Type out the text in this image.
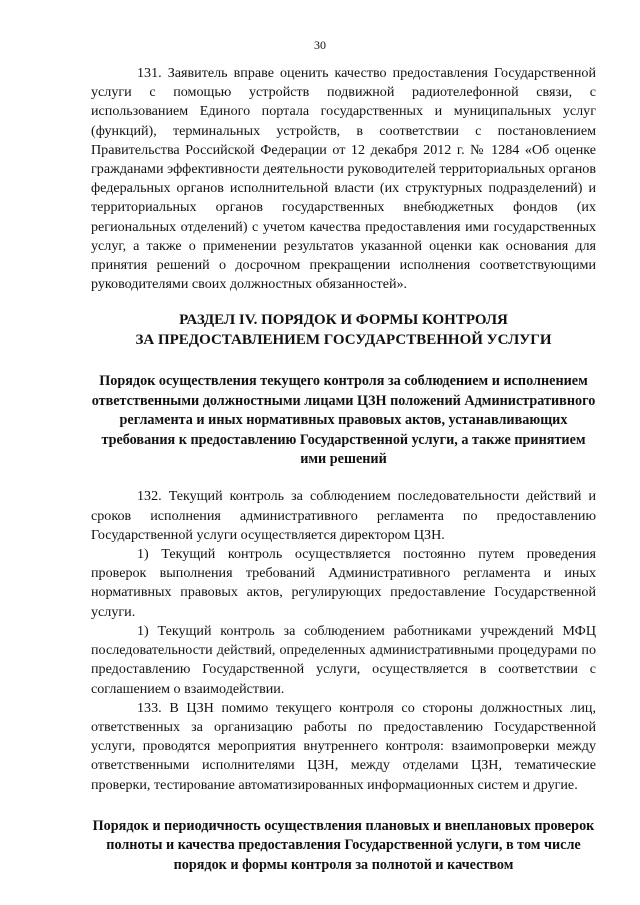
30

131. Заявитель вправе оценить качество предоставления Государственной услуги с помощью устройств подвижной радиотелефонной связи, с использованием Единого портала государственных и муниципальных услуг (функций), терминальных устройств, в соответствии с постановлением Правительства Российской Федерации от 12 декабря 2012 г. № 1284 «Об оценке гражданами эффективности деятельности руководителей территориальных органов федеральных органов исполнительной власти (их структурных подразделений) и территориальных органов государственных внебюджетных фондов (их региональных отделений) с учетом качества предоставления ими государственных услуг, а также о применении результатов указанной оценки как основания для принятия решений о досрочном прекращении исполнения соответствующими руководителями своих должностных обязанностей».

РАЗДЕЛ IV. ПОРЯДОК И ФОРМЫ КОНТРОЛЯ
ЗА ПРЕДОСТАВЛЕНИЕМ ГОСУДАРСТВЕННОЙ УСЛУГИ
Порядок осуществления текущего контроля за соблюдением и исполнением ответственными должностными лицами ЦЗН положений Административного регламента и иных нормативных правовых актов, устанавливающих требования к предоставлению Государственной услуги, а также принятием ими решений

132. Текущий контроль за соблюдением последовательности действий и сроков исполнения административного регламента по предоставлению Государственной услуги осуществляется директором ЦЗН.

1) Текущий контроль осуществляется постоянно путем проведения проверок выполнения требований Административного регламента и иных нормативных правовых актов, регулирующих предоставление Государственной услуги.

1) Текущий контроль за соблюдением работниками учреждений МФЦ последовательности действий, определенных административными процедурами по предоставлению Государственной услуги, осуществляется в соответствии с соглашением о взаимодействии.

133. В ЦЗН помимо текущего контроля со стороны должностных лиц, ответственных за организацию работы по предоставлению Государственной услуги, проводятся мероприятия внутреннего контроля: взаимопроверки между ответственными исполнителями ЦЗН, между отделами ЦЗН, тематические проверки, тестирование автоматизированных информационных систем и другие.

Порядок и периодичность осуществления плановых и внеплановых проверок полноты и качества предоставления Государственной услуги, в том числе порядок и формы контроля за полнотой и качеством
